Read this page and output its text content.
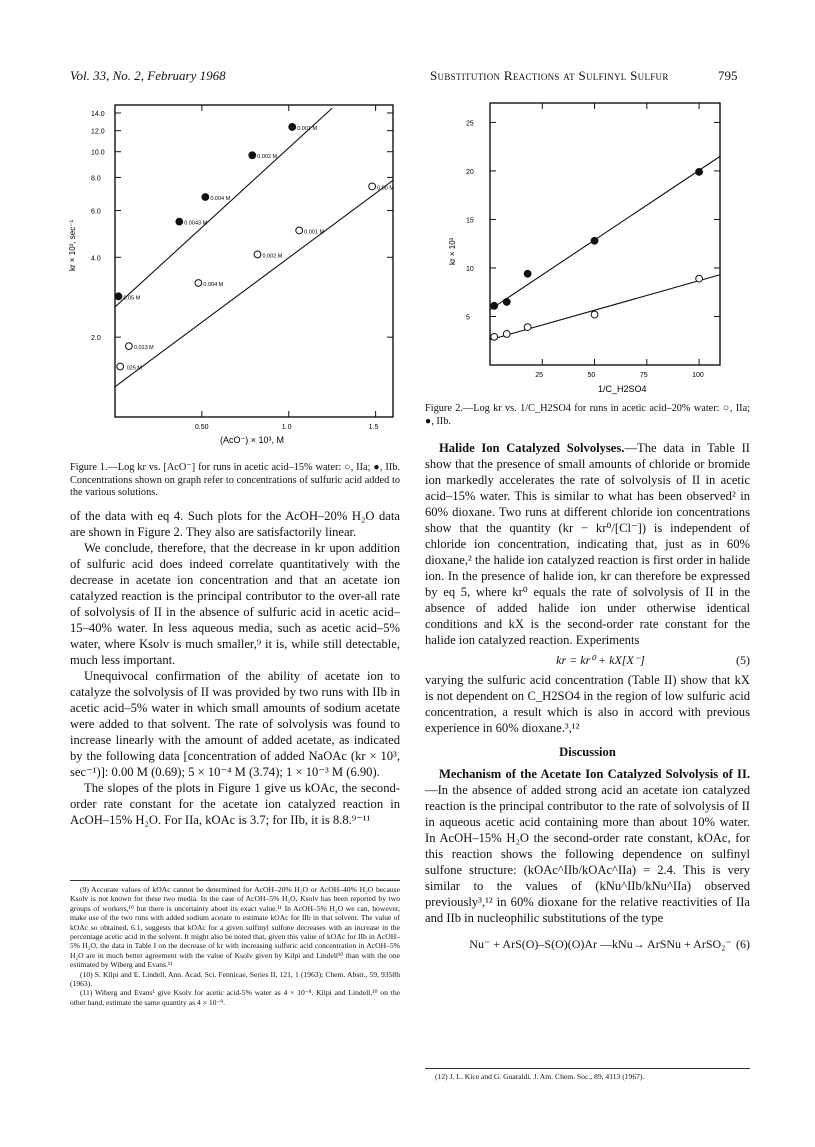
Vol. 33, No. 2, February 1968	Substitution Reactions at Sulfinyl Sulfur	795
kr × 10³, sec⁻¹
(AcO⁻) × 10³, M
0.50	1.0	1.5
2.0
4.0
6.0
8.0
10.0
12.0
14.0
.025 M
0.013 M
0.004 M
0.002 M
0.001 M
0.00 M
0.05 M
0.0043 M
0.004 M
0.002 M
0.001 M
Figure 1.—Log kr vs. [AcO⁻] for runs in acetic acid–15% water: ○, IIa; ●, IIb. Concentrations shown on graph refer to concentrations of sulfuric acid added to the various solutions.
kr × 10³
1/C_H2SO4
25	50	75	100
5
10
15
20
25
Figure 2.—Log kr vs. 1/C_H2SO4 for runs in acetic acid–20% water: ○, IIa; ●, IIb.

of the data with eq 4. Such plots for the AcOH–20% H₂O data are shown in Figure 2. They also are satisfactorily linear.

We conclude, therefore, that the decrease in kr upon addition of sulfuric acid does indeed correlate quantitatively with the decrease in acetate ion concentration and that an acetate ion catalyzed reaction is the principal contributor to the over-all rate of solvolysis of II in the absence of sulfuric acid in acetic acid–15–40% water. In less aqueous media, such as acetic acid–5% water, where Ksolv is much smaller,⁹ it is, while still detectable, much less important.

Unequivocal confirmation of the ability of acetate ion to catalyze the solvolysis of II was provided by two runs with IIb in acetic acid–5% water in which small amounts of sodium acetate were added to that solvent. The rate of solvolysis was found to increase linearly with the amount of added acetate, as indicated by the following data [concentration of added NaOAc (kr × 10³, sec⁻¹)]: 0.00 M (0.69); 5 × 10⁻⁴ M (3.74); 1 × 10⁻³ M (6.90).

The slopes of the plots in Figure 1 give us kOAc, the second-order rate constant for the acetate ion catalyzed reaction in AcOH–15% H₂O. For IIa, kOAc is 3.7; for IIb, it is 8.8.⁹⁻¹¹

(9) Accurate values of kOAc cannot be determined for AcOH–20% H₂O or AcOH–40% H₂O because Ksolv is not known for these two media. In the case of AcOH–5% H₂O, Ksolv has been reported by two groups of workers,¹⁰ but there is uncertainty about its exact value.¹¹ In AcOH–5% H₂O we can, however, make use of the two runs with added sodium acetate to estimate kOAc for IIb in that solvent. The value of kOAc so obtained, 6.1, suggests that kOAc for a given sulfinyl sulfone decreases with an increase in the percentage acetic acid in the solvent. It might also be noted that, given this value of kOAc for IIb in AcOH–5% H₂O, the data in Table I on the decrease of kr with increasing sulfuric acid concentration in AcOH–5% H₂O are in much better agreement with the value of Ksolv given by Kilpi and Lindell¹⁰ than with the one estimated by Wiberg and Evans.¹¹

(10) S. Kilpi and E. Lindell, Ann. Acad. Sci. Fennicae, Series II, 121, 1 (1963); Chem. Abstr., 59, 9358h (1963).

(11) Wiberg and Evans¹ give Ksolv for acetic acid-5% water as 4 × 10⁻⁸. Kilpi and Lindell,¹⁰ on the other hand, estimate the same quantity as 4 × 10⁻⁹.

Halide Ion Catalyzed Solvolyses.—The data in Table II show that the presence of small amounts of chloride or bromide ion markedly accelerates the rate of solvolysis of II in acetic acid–15% water. This is similar to what has been observed² in 60% dioxane. Two runs at different chloride ion concentrations show that the quantity (kr − kr⁰/[Cl⁻]) is independent of chloride ion concentration, indicating that, just as in 60% dioxane,² the halide ion catalyzed reaction is first order in halide ion. In the presence of halide ion, kr can therefore be expressed by eq 5, where kr⁰ equals the rate of solvolysis of II in the absence of added halide ion under otherwise identical conditions and kX is the second-order rate constant for the halide ion catalyzed reaction. Experiments

kr = kr⁰ + kX[X⁻]	(5)

varying the sulfuric acid concentration (Table II) show that kX is not dependent on C_H2SO4 in the region of low sulfuric acid concentration, a result which is also in accord with previous experience in 60% dioxane.³,¹²

Discussion

Mechanism of the Acetate Ion Catalyzed Solvolysis of II.—In the absence of added strong acid an acetate ion catalyzed reaction is the principal contributor to the rate of solvolysis of II in aqueous acetic acid containing more than about 10% water. In AcOH–15% H₂O the second-order rate constant, kOAc, for this reaction shows the following dependence on sulfinyl sulfone structure: (kOAc^IIb/kOAc^IIa) = 2.4. This is very similar to the values of (kNu^IIb/kNu^IIa) observed previously³,¹² in 60% dioxane for the relative reactivities of IIa and IIb in nucleophilic substitutions of the type

Nu⁻ + ArS(O)–S(O)(O)Ar —kNu→ ArSNu + ArSO₂⁻ (6)

(12) J. L. Kice and G. Guaraldi. J. Am. Chem. Soc., 89, 4113 (1967).
